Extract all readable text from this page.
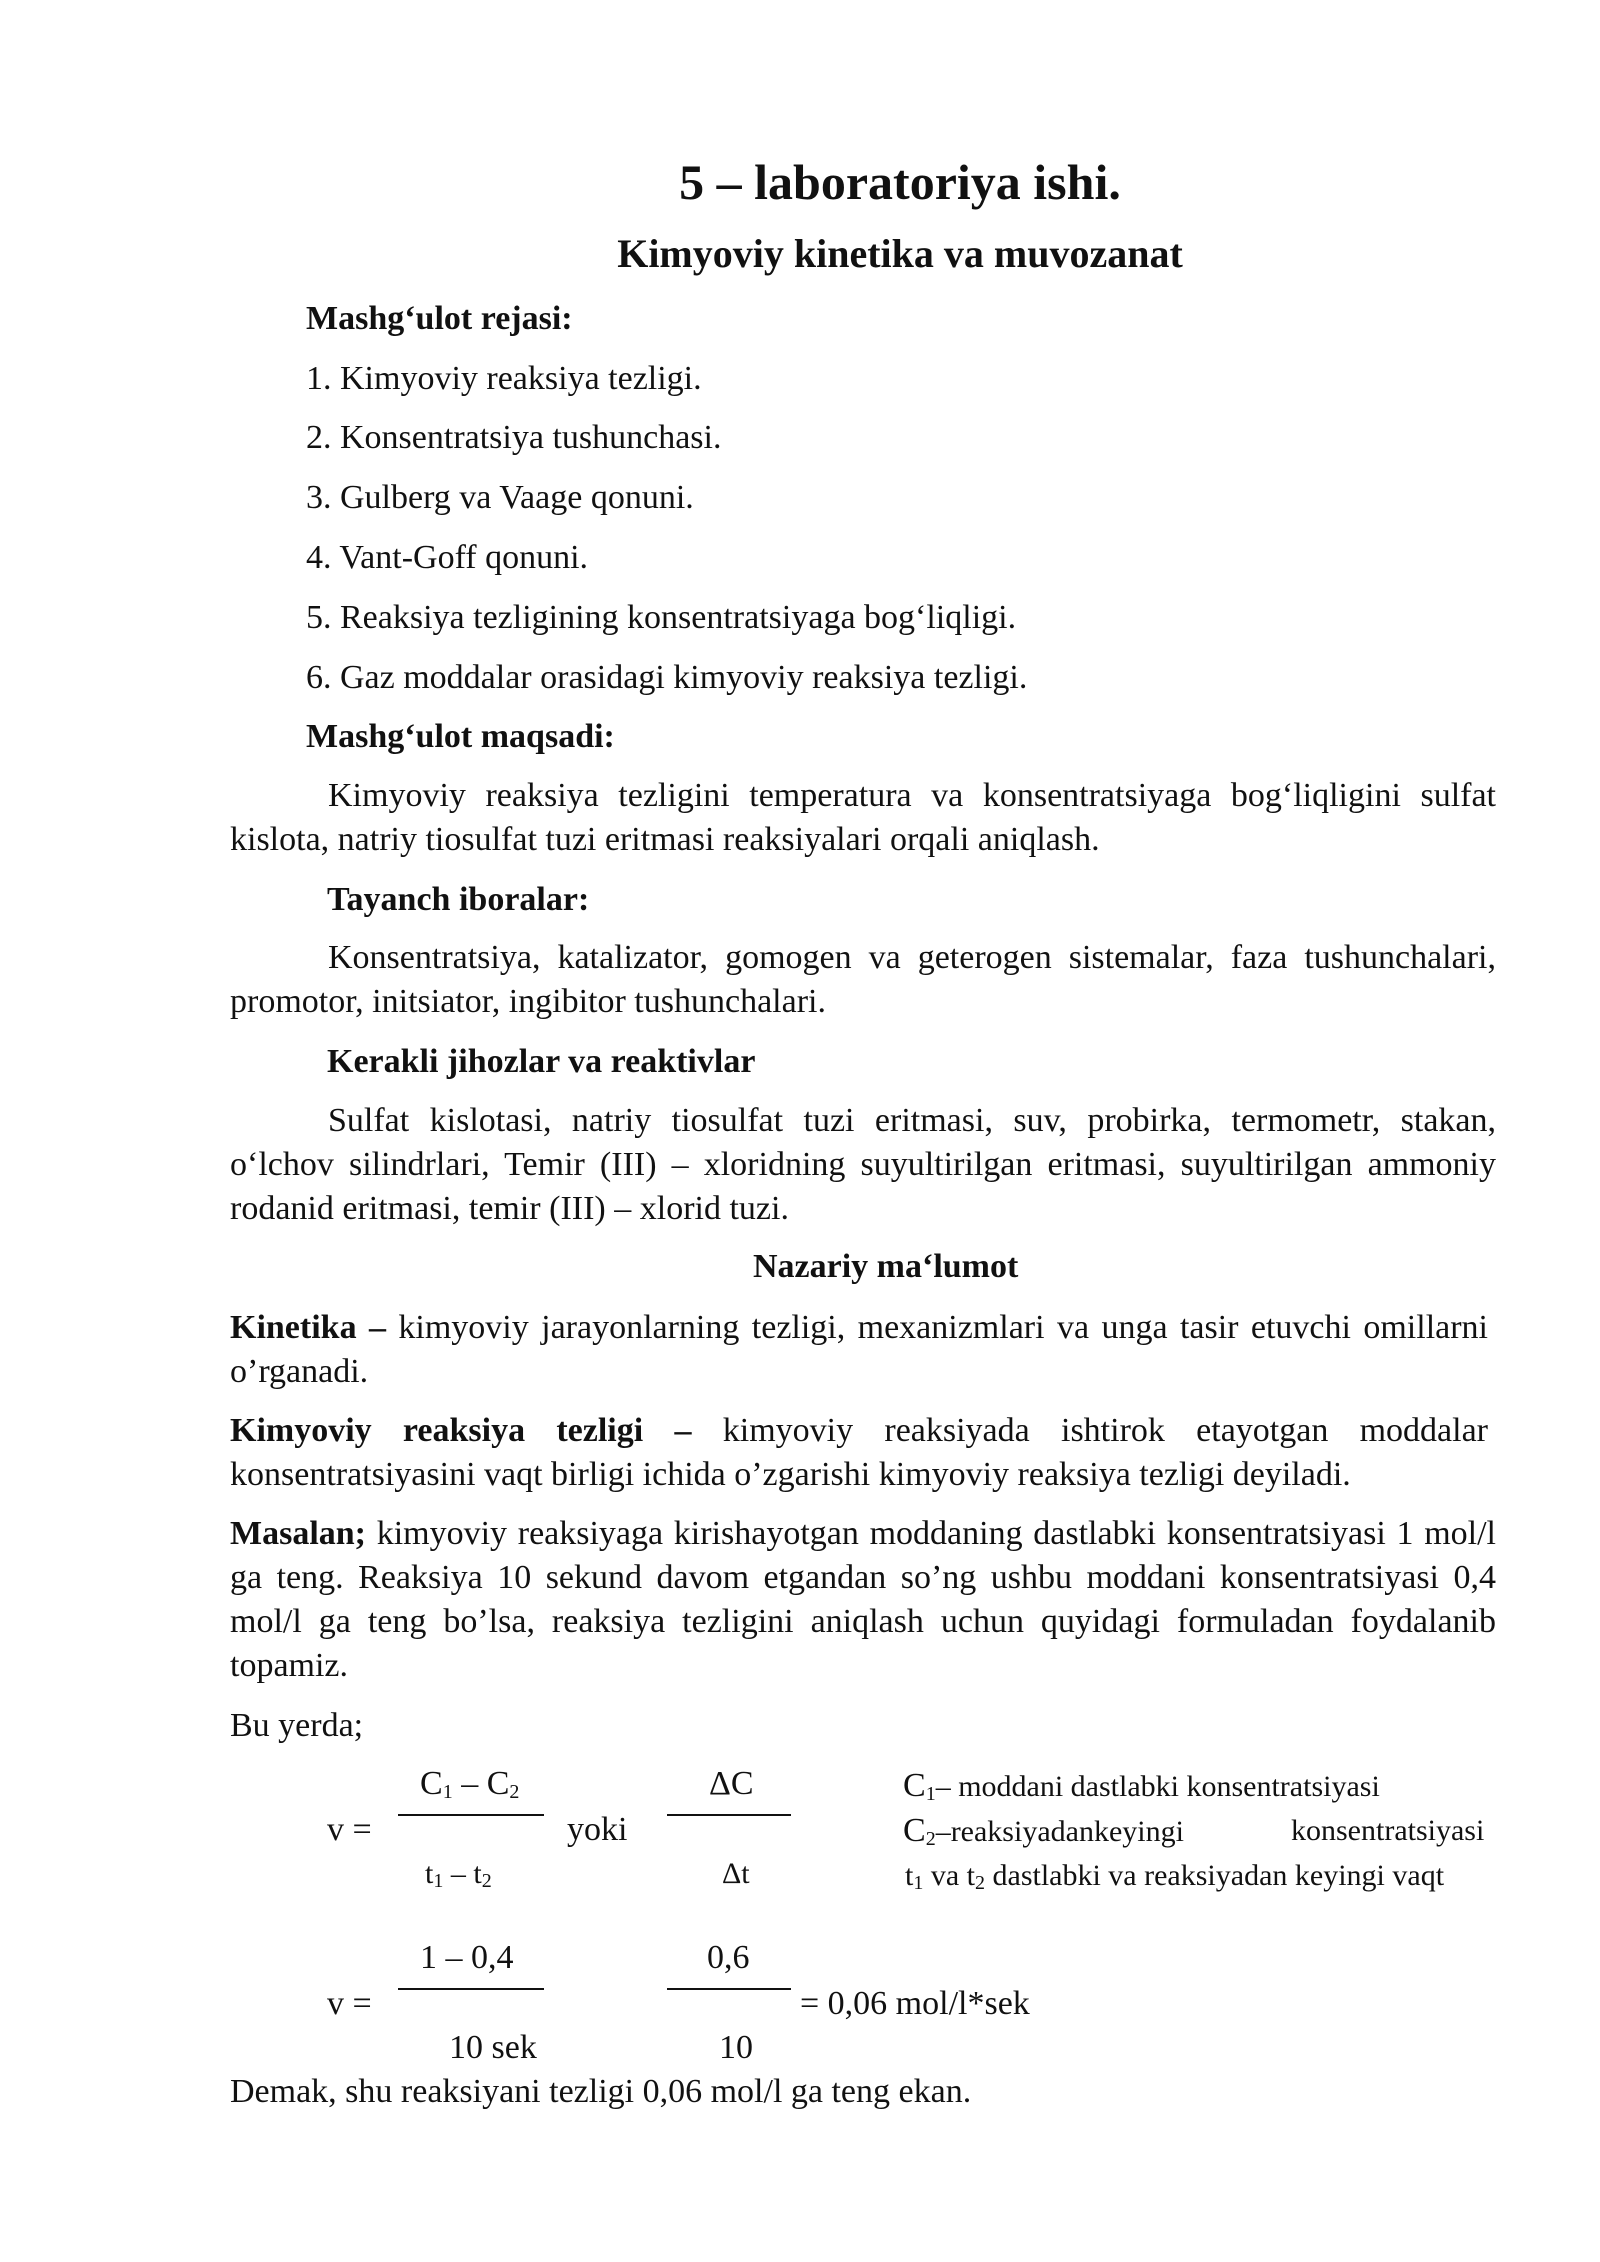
5 – laboratoriya ishi.
Kimyoviy kinetika va muvozanat
Mashg‘ulot rejasi:
1. Kimyoviy reaksiya tezligi.
2. Konsentratsiya tushunchasi.
3. Gulberg va Vaage qonuni.
4. Vant-Goff qonuni.
5. Reaksiya tezligining konsentratsiyaga bog‘liqligi.
6. Gaz moddalar orasidagi kimyoviy reaksiya tezligi.
Mashg‘ulot maqsadi:
Kimyoviy reaksiya tezligini temperatura va konsentratsiyaga bog‘liqligini sulfat kislota, natriy tiosulfat tuzi eritmasi reaksiyalari orqali aniqlash.
Tayanch iboralar:
Konsentratsiya, katalizator, gomogen va geterogen sistemalar, faza tushunchalari, promotor, initsiator, ingibitor tushunchalari.
Kerakli jihozlar va reaktivlar
Sulfat kislotasi, natriy tiosulfat tuzi eritmasi, suv, probirka, termometr, stakan, o‘lchov silindrlari, Temir (III) – xloridning suyultirilgan eritmasi, suyultirilgan ammoniy rodanid eritmasi, temir (III) – xlorid tuzi.
Nazariy ma‘lumot
Kinetika – kimyoviy jarayonlarning tezligi, mexanizmlari va unga tasir etuvchi omillarni o’rganadi.
Kimyoviy reaksiya tezligi – kimyoviy reaksiyada ishtirok etayotgan moddalar konsentratsiyasini vaqt birligi ichida o’zgarishi kimyoviy reaksiya tezligi deyiladi.
Masalan; kimyoviy reaksiyaga kirishayotgan moddaning dastlabki konsentratsiyasi 1 mol/l ga teng. Reaksiya 10 sekund davom etgandan so’ng ushbu moddani konsentratsiyasi 0,4 mol/l ga teng bo’lsa, reaksiya tezligini aniqlash uchun quyidagi formuladan foydalanib topamiz.
Bu yerda;
v =
$C_1 - C_2$
$t_1 - t_2$
yoki
ΔC
Δt
$C_1-$ moddani dastlabki konsentratsiyasi
$C_2$–reaksiyadankeyingi	konsentratsiyasi
$t_1$ va $t_2$ dastlabki va reaksiyadan keyingi vaqt
v =
1 – 0,4
10 sek
0,6
10
= 0,06 mol/l*sek
Demak, shu reaksiyani tezligi 0,06 mol/l ga teng ekan.
